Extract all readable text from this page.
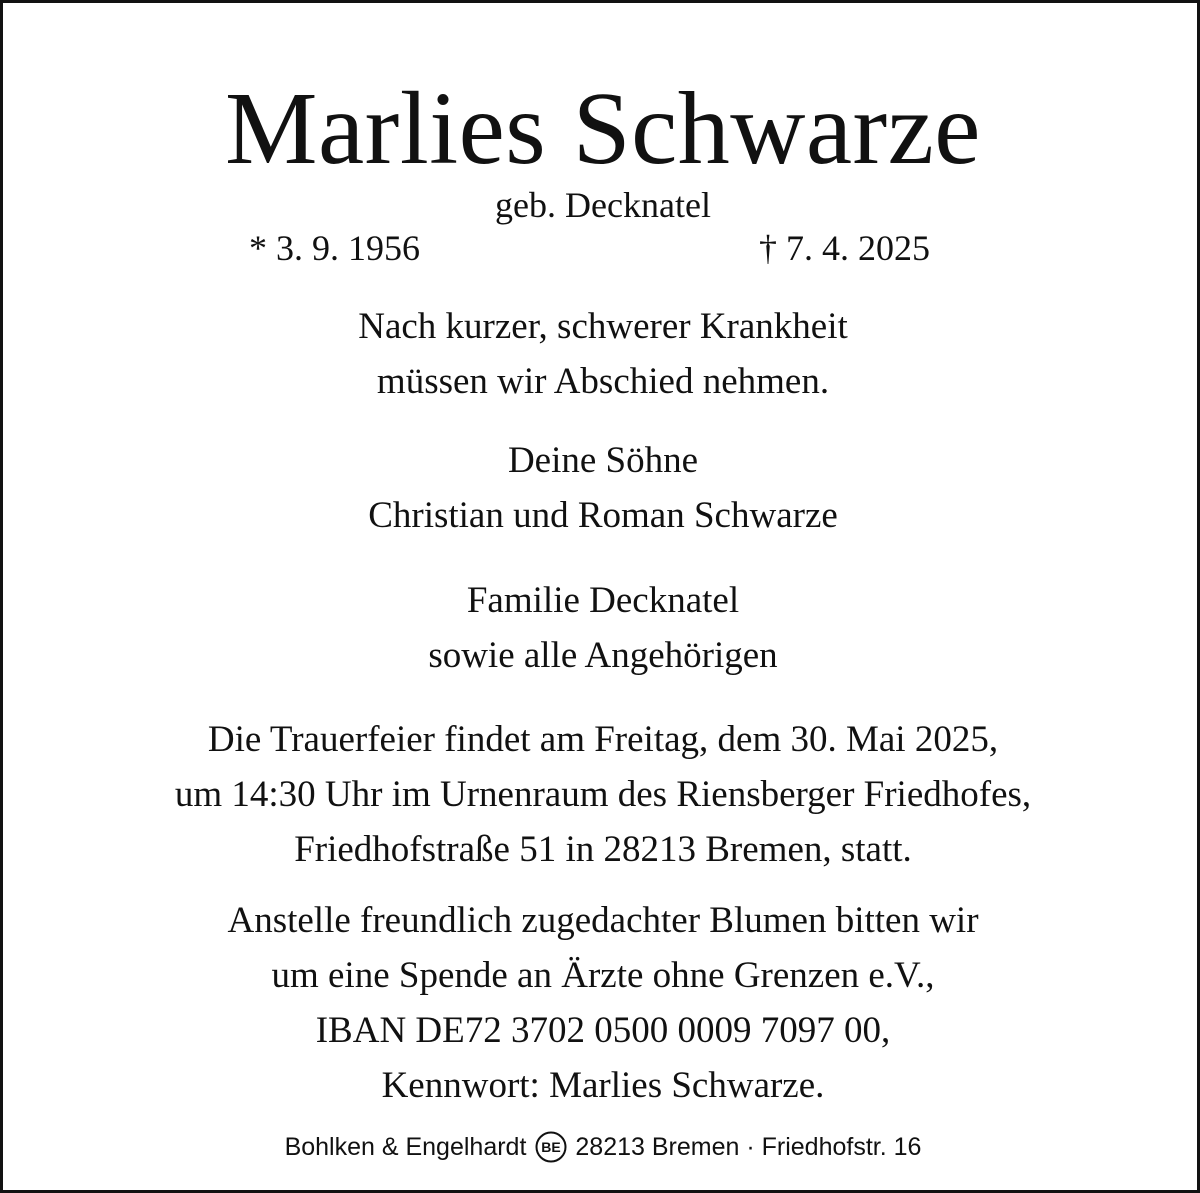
Marlies Schwarze
geb. Decknatel
* 3. 9. 1956	† 7. 4. 2025
Nach kurzer, schwerer Krankheit
müssen wir Abschied nehmen.
Deine Söhne
Christian und Roman Schwarze
Familie Decknatel
sowie alle Angehörigen
Die Trauerfeier findet am Freitag, dem 30. Mai 2025,
um 14:30 Uhr im Urnenraum des Riensberger Friedhofes,
Friedhofstraße 51 in 28213 Bremen, statt.
Anstelle freundlich zugedachter Blumen bitten wir
um eine Spende an Ärzte ohne Grenzen e.V.,
IBAN DE72 3702 0500 0009 7097 00,
Kennwort: Marlies Schwarze.
Bohlken & Engelhardt BE 28213 Bremen · Friedhofstr. 16
